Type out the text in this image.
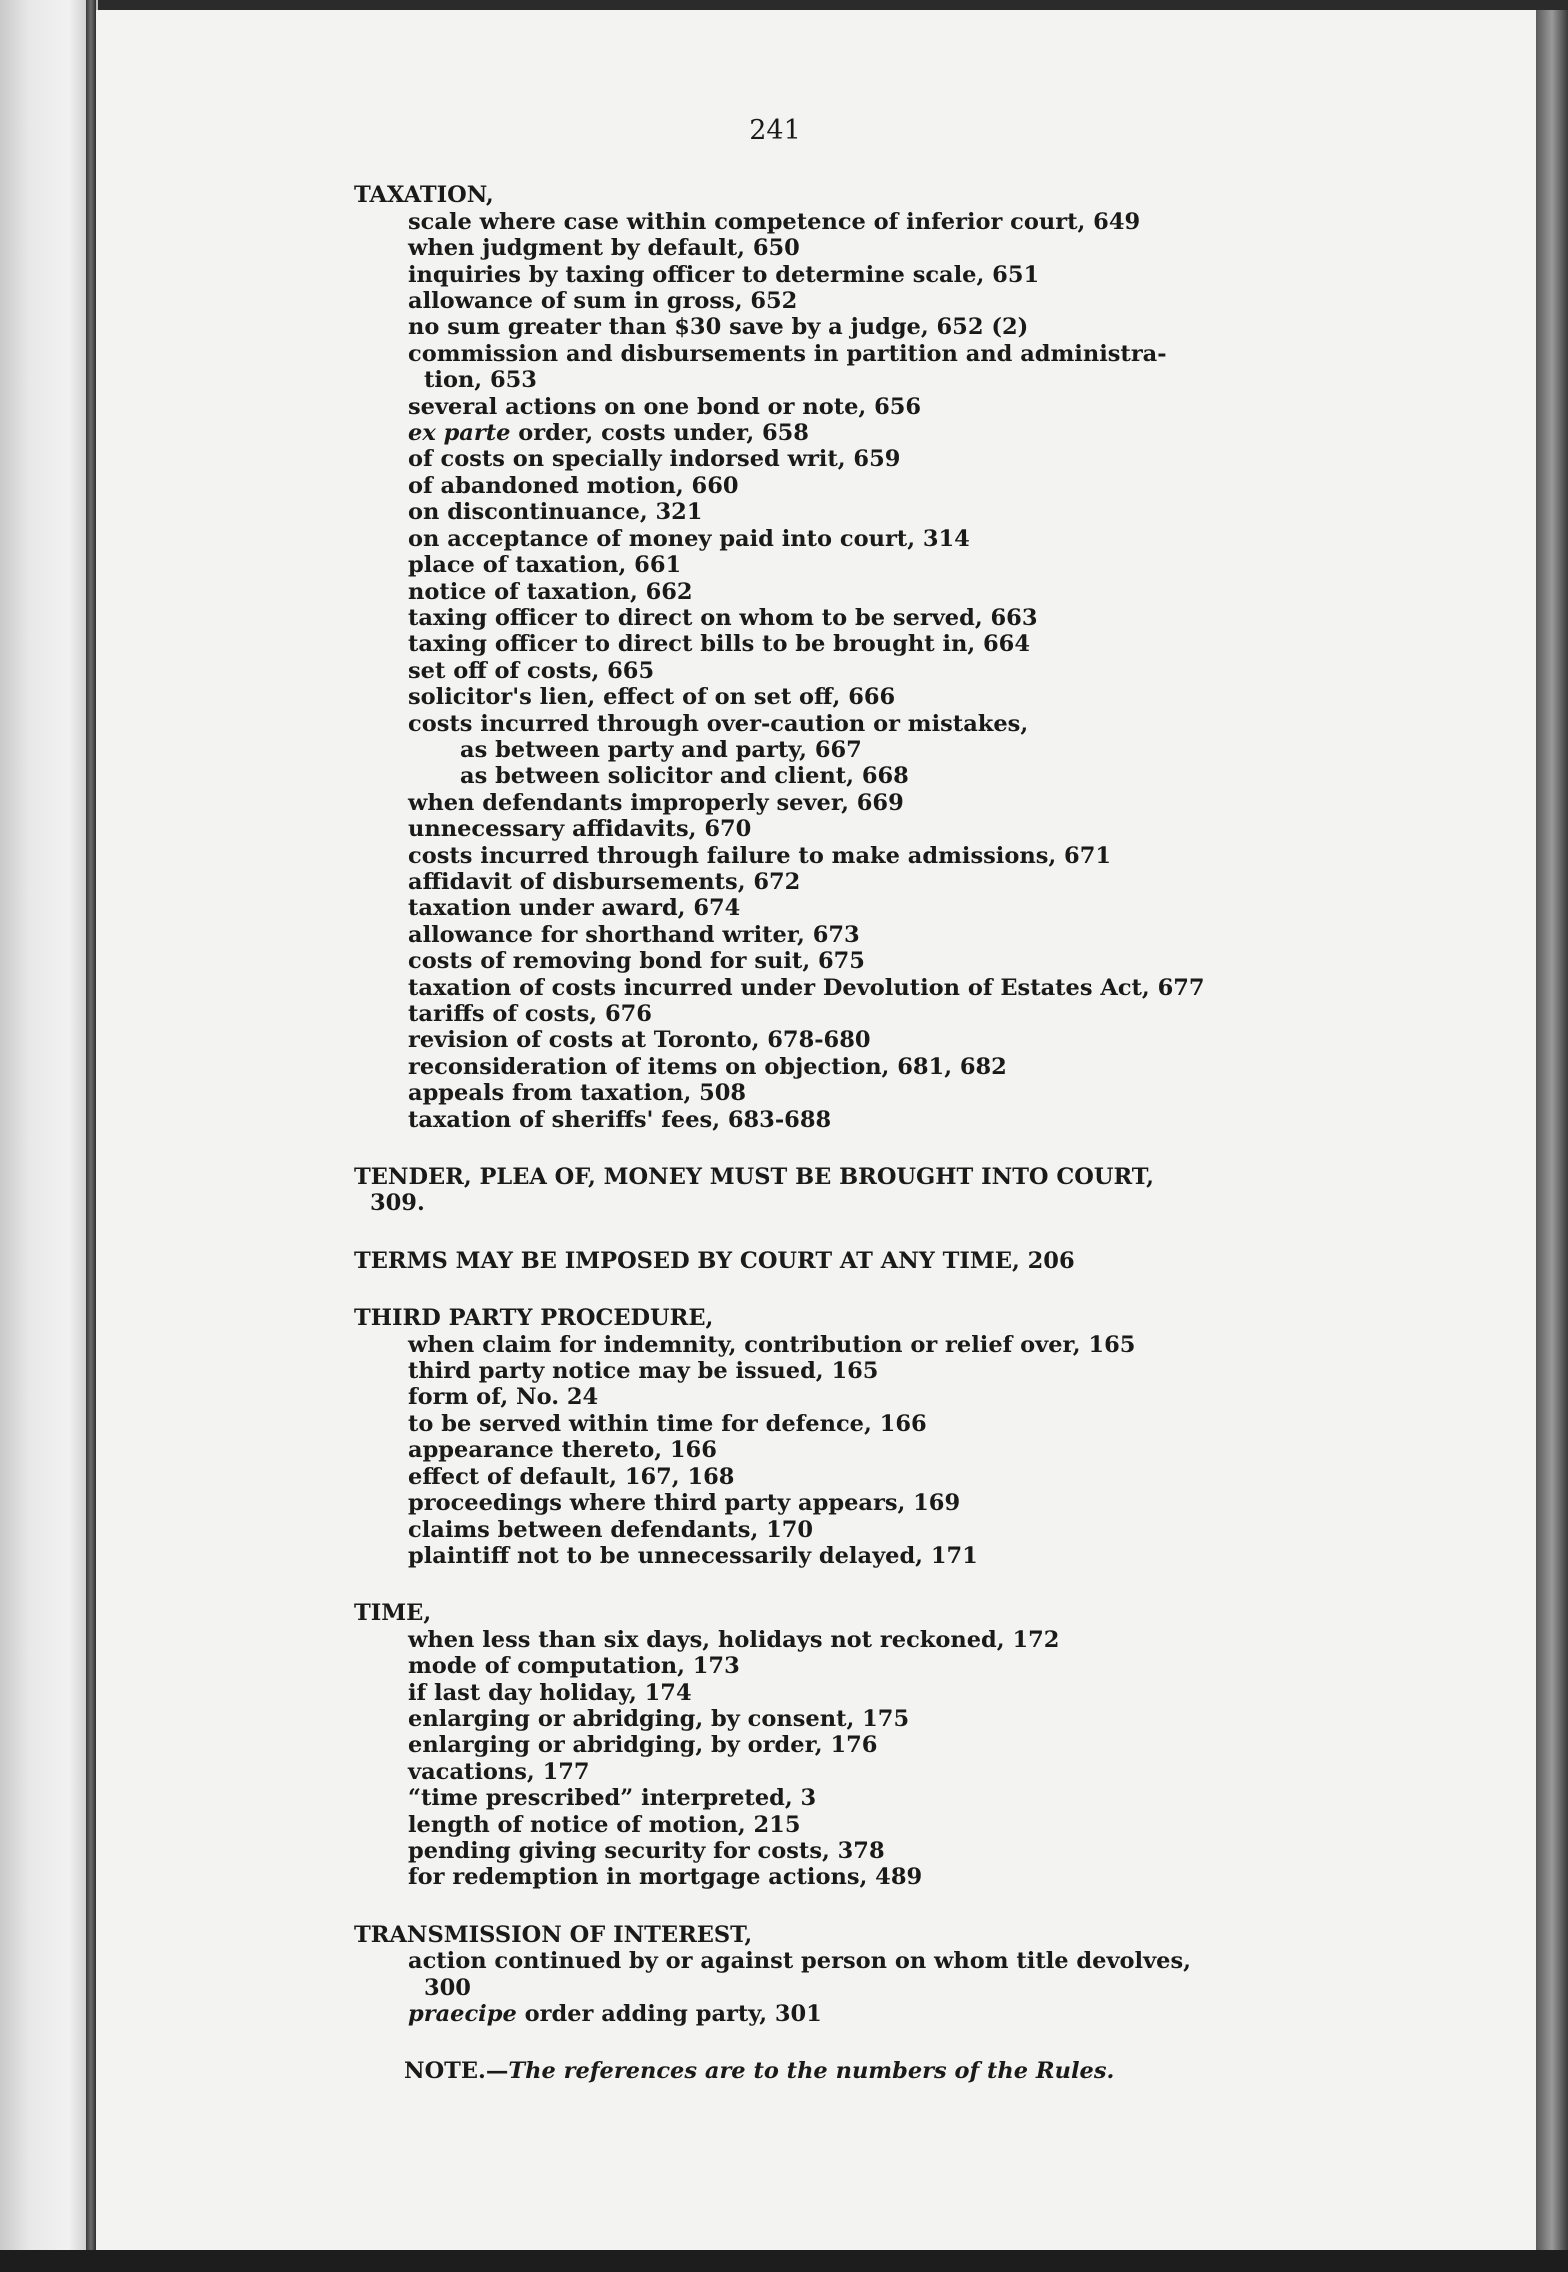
241
TAXATION,
scale where case within competence of inferior court, 649
when judgment by default, 650
inquiries by taxing officer to determine scale, 651
allowance of sum in gross, 652
no sum greater than $30 save by a judge, 652 (2)
commission and disbursements in partition and administra-
tion, 653
several actions on one bond or note, 656
ex parte order, costs under, 658
of costs on specially indorsed writ, 659
of abandoned motion, 660
on discontinuance, 321
on acceptance of money paid into court, 314
place of taxation, 661
notice of taxation, 662
taxing officer to direct on whom to be served, 663
taxing officer to direct bills to be brought in, 664
set off of costs, 665
solicitor's lien, effect of on set off, 666
costs incurred through over-caution or mistakes,
as between party and party, 667
as between solicitor and client, 668
when defendants improperly sever, 669
unnecessary affidavits, 670
costs incurred through failure to make admissions, 671
affidavit of disbursements, 672
taxation under award, 674
allowance for shorthand writer, 673
costs of removing bond for suit, 675
taxation of costs incurred under Devolution of Estates Act, 677
tariffs of costs, 676
revision of costs at Toronto, 678-680
reconsideration of items on objection, 681, 682
appeals from taxation, 508
taxation of sheriffs' fees, 683-688
TENDER, PLEA OF, MONEY MUST BE BROUGHT INTO COURT,
309.
TERMS MAY BE IMPOSED BY COURT AT ANY TIME, 206
THIRD PARTY PROCEDURE,
when claim for indemnity, contribution or relief over, 165
third party notice may be issued, 165
form of, No. 24
to be served within time for defence, 166
appearance thereto, 166
effect of default, 167, 168
proceedings where third party appears, 169
claims between defendants, 170
plaintiff not to be unnecessarily delayed, 171
TIME,
when less than six days, holidays not reckoned, 172
mode of computation, 173
if last day holiday, 174
enlarging or abridging, by consent, 175
enlarging or abridging, by order, 176
vacations, 177
“time prescribed” interpreted, 3
length of notice of motion, 215
pending giving security for costs, 378
for redemption in mortgage actions, 489
TRANSMISSION OF INTEREST,
action continued by or against person on whom title devolves,
300
praecipe order adding party, 301
NOTE.—The references are to the numbers of the Rules.
